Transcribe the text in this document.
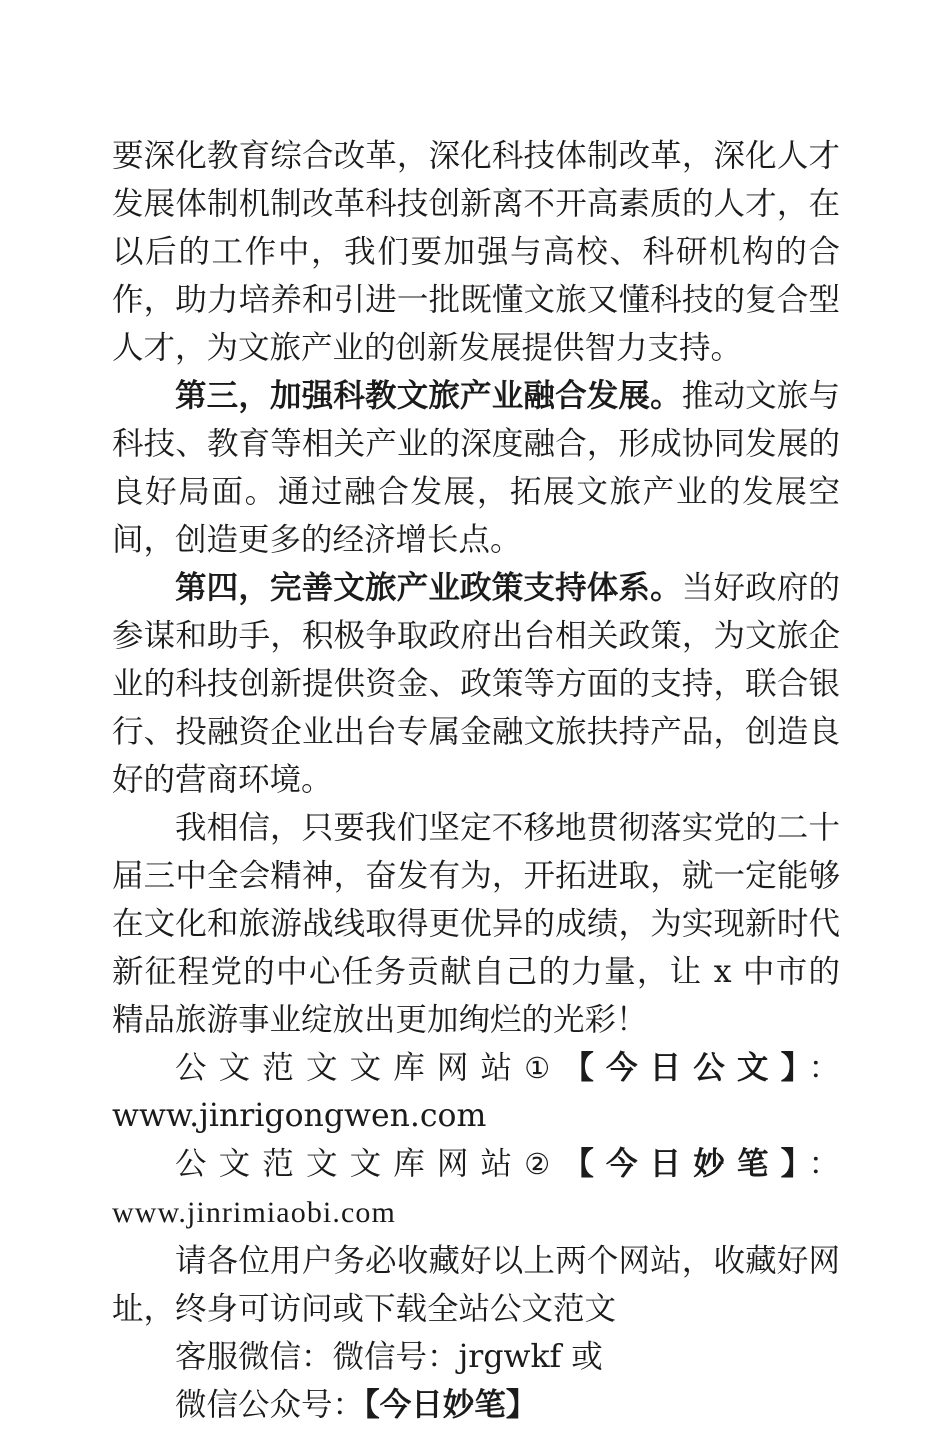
要深化教育综合改革，深化科技体制改革，深化人才发展体制机制改革科技创新离不开高素质的人才，在以后的工作中，我们要加强与高校、科研机构的合作，助力培养和引进一批既懂文旅又懂科技的复合型人才，为文旅产业的创新发展提供智力支持。

第三，加强科教文旅产业融合发展。推动文旅与科技、教育等相关产业的深度融合，形成协同发展的良好局面。通过融合发展，拓展文旅产业的发展空间，创造更多的经济增长点。

第四，完善文旅产业政策支持体系。当好政府的参谋和助手，积极争取政府出台相关政策，为文旅企业的科技创新提供资金、政策等方面的支持，联合银行、投融资企业出台专属金融文旅扶持产品，创造良好的营商环境。

我相信，只要我们坚定不移地贯彻落实党的二十届三中全会精神，奋发有为，开拓进取，就一定能够在文化和旅游战线取得更优异的成绩，为实现新时代新征程党的中心任务贡献自己的力量，让 x 中市的精品旅游事业绽放出更加绚烂的光彩！

公文范文文库网站①【今日公文】：

www.jinrigongwen.com

公文范文文库网站②【今日妙笔】：www.jinrimiaobi.com

请各位用户务必收藏好以上两个网站，收藏好网址，终身可访问或下载全站公文范文

客服微信：微信号：jrgwkf 或

微信公众号：【今日妙笔】
